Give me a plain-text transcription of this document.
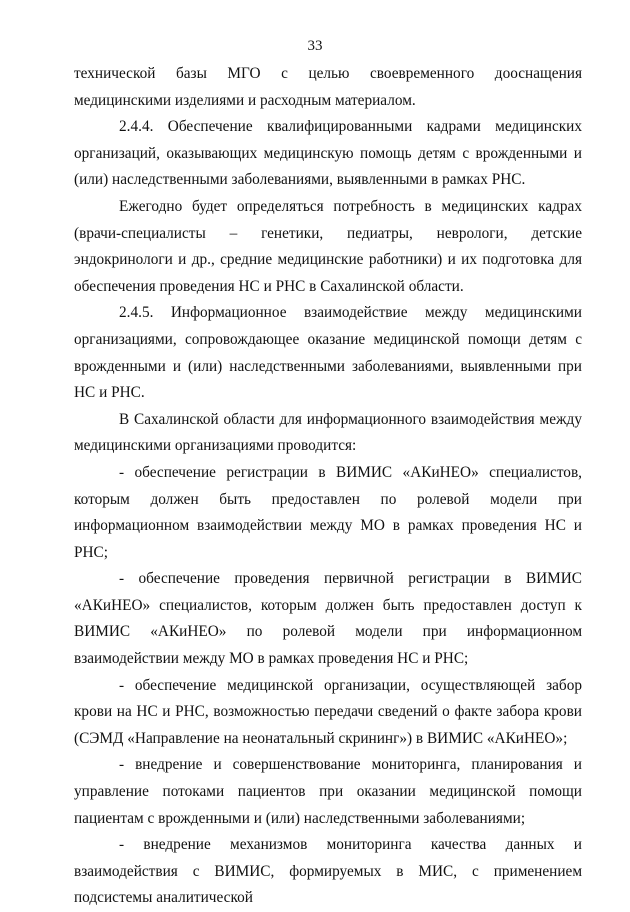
33

технической базы МГО с целью своевременного дооснащения медицинскими изделиями и расходным материалом.

2.4.4. Обеспечение квалифицированными кадрами медицинских организаций, оказывающих медицинскую помощь детям с врожденными и (или) наследственными заболеваниями, выявленными в рамках РНС.

Ежегодно будет определяться потребность в медицинских кадрах (врачи-специалисты – генетики, педиатры, неврологи, детские эндокринологи и др., средние медицинские работники) и их подготовка для обеспечения проведения НС и РНС в Сахалинской области.

2.4.5. Информационное взаимодействие между медицинскими организациями, сопровождающее оказание медицинской помощи детям с врожденными и (или) наследственными заболеваниями, выявленными при НС и РНС.

В Сахалинской области для информационного взаимодействия между медицинскими организациями проводится:

- обеспечение регистрации в ВИМИС «АКиНЕО» специалистов, которым должен быть предоставлен по ролевой модели при информационном взаимодействии между МО в рамках проведения НС и РНС;

- обеспечение проведения первичной регистрации в ВИМИС «АКиНЕО» специалистов, которым должен быть предоставлен доступ к ВИМИС «АКиНЕО» по ролевой модели при информационном взаимодействии между МО в рамках проведения НС и РНС;

- обеспечение медицинской организации, осуществляющей забор крови на НС и РНС, возможностью передачи сведений о факте забора крови (СЭМД «Направление на неонатальный скрининг») в ВИМИС «АКиНЕО»;

- внедрение и совершенствование мониторинга, планирования и управление потоками пациентов при оказании медицинской помощи пациентам с врожденными и (или) наследственными заболеваниями;

- внедрение механизмов мониторинга качества данных и взаимодействия с ВИМИС, формируемых в МИС, с применением подсистемы аналитической
